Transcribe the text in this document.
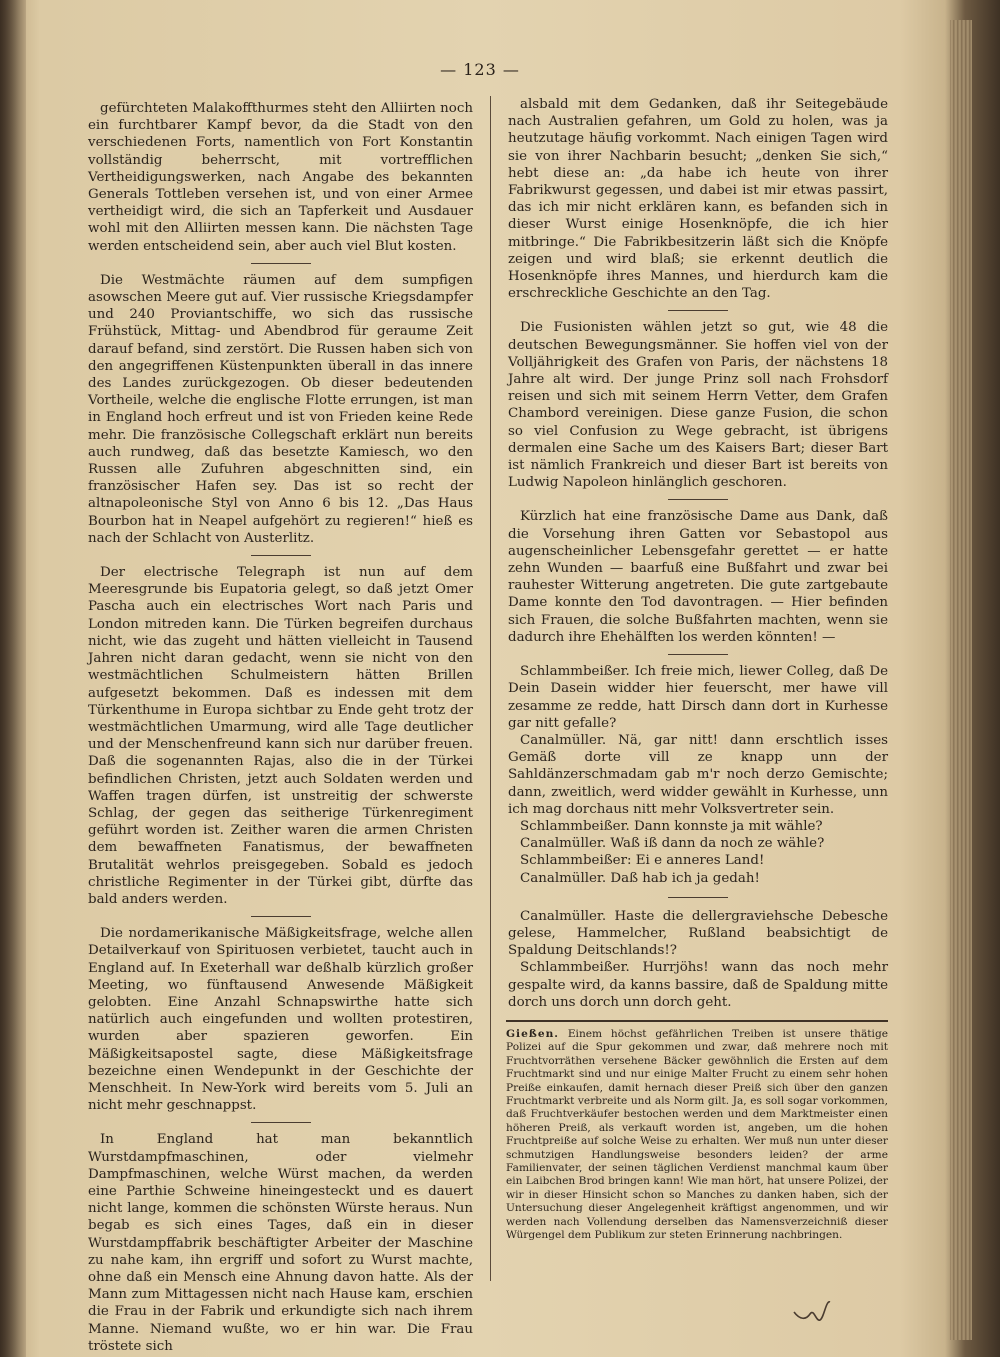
— 123 —

gefürchteten Malakoffthurmes steht den Alliirten noch ein furchtbarer Kampf bevor, da die Stadt von den verschiedenen Forts, namentlich von Fort Konstantin vollständig beherrscht, mit vortrefflichen Vertheidigungswerken, nach Angabe des bekannten Generals Tottleben versehen ist, und von einer Armee vertheidigt wird, die sich an Tapferkeit und Ausdauer wohl mit den Alliirten messen kann. Die nächsten Tage werden entscheidend sein, aber auch viel Blut kosten.

Die Westmächte räumen auf dem sumpfigen asowschen Meere gut auf. Vier russische Kriegsdampfer und 240 Proviantschiffe, wo sich das russische Frühstück, Mittag- und Abendbrod für geraume Zeit darauf befand, sind zerstört. Die Russen haben sich von den angegriffenen Küstenpunkten überall in das innere des Landes zurückgezogen. Ob dieser bedeutenden Vortheile, welche die englische Flotte errungen, ist man in England hoch erfreut und ist von Frieden keine Rede mehr. Die französische Collegschaft erklärt nun bereits auch rundweg, daß das besetzte Kamiesch, wo den Russen alle Zufuhren abgeschnitten sind, ein französischer Hafen sey. Das ist so recht der altnapoleonische Styl von Anno 6 bis 12. „Das Haus Bourbon hat in Neapel aufgehört zu regieren!“ hieß es nach der Schlacht von Austerlitz.

Der electrische Telegraph ist nun auf dem Meeresgrunde bis Eupatoria gelegt, so daß jetzt Omer Pascha auch ein electrisches Wort nach Paris und London mitreden kann. Die Türken begreifen durchaus nicht, wie das zugeht und hätten vielleicht in Tausend Jahren nicht daran gedacht, wenn sie nicht von den westmächtlichen Schulmeistern hätten Brillen aufgesetzt bekommen. Daß es indessen mit dem Türkenthume in Europa sichtbar zu Ende geht trotz der westmächtlichen Umarmung, wird alle Tage deutlicher und der Menschenfreund kann sich nur darüber freuen. Daß die sogenannten Rajas, also die in der Türkei befindlichen Christen, jetzt auch Soldaten werden und Waffen tragen dürfen, ist unstreitig der schwerste Schlag, der gegen das seitherige Türkenregiment geführt worden ist. Zeither waren die armen Christen dem bewaffneten Fanatismus, der bewaffneten Brutalität wehrlos preisgegeben. Sobald es jedoch christliche Regimenter in der Türkei gibt, dürfte das bald anders werden.

Die nordamerikanische Mäßigkeitsfrage, welche allen Detailverkauf von Spirituosen verbietet, taucht auch in England auf. In Exeterhall war deßhalb kürzlich großer Meeting, wo fünftausend Anwesende Mäßigkeit gelobten. Eine Anzahl Schnapswirthe hatte sich natürlich auch eingefunden und wollten protestiren, wurden aber spazieren geworfen. Ein Mäßigkeitsapostel sagte, diese Mäßigkeitsfrage bezeichne einen Wendepunkt in der Geschichte der Menschheit. In New-York wird bereits vom 5. Juli an nicht mehr geschnappst.

In England hat man bekanntlich Wurstdampfmaschinen, oder vielmehr Dampfmaschinen, welche Würst machen, da werden eine Parthie Schweine hineingesteckt und es dauert nicht lange, kommen die schönsten Würste heraus. Nun begab es sich eines Tages, daß ein in dieser Wurstdampffabrik beschäftigter Arbeiter der Maschine zu nahe kam, ihn ergriff und sofort zu Wurst machte, ohne daß ein Mensch eine Ahnung davon hatte. Als der Mann zum Mittagessen nicht nach Hause kam, erschien die Frau in der Fabrik und erkundigte sich nach ihrem Manne. Niemand wußte, wo er hin war. Die Frau tröstete sich

alsbald mit dem Gedanken, daß ihr Seitegebäude nach Australien gefahren, um Gold zu holen, was ja heutzutage häufig vorkommt. Nach einigen Tagen wird sie von ihrer Nachbarin besucht; „denken Sie sich,“ hebt diese an: „da habe ich heute von ihrer Fabrikwurst gegessen, und dabei ist mir etwas passirt, das ich mir nicht erklären kann, es befanden sich in dieser Wurst einige Hosenknöpfe, die ich hier mitbringe.“ Die Fabrikbesitzerin läßt sich die Knöpfe zeigen und wird blaß; sie erkennt deutlich die Hosenknöpfe ihres Mannes, und hierdurch kam die erschreckliche Geschichte an den Tag.

Die Fusionisten wählen jetzt so gut, wie 48 die deutschen Bewegungsmänner. Sie hoffen viel von der Volljährigkeit des Grafen von Paris, der nächstens 18 Jahre alt wird. Der junge Prinz soll nach Frohsdorf reisen und sich mit seinem Herrn Vetter, dem Grafen Chambord vereinigen. Diese ganze Fusion, die schon so viel Confusion zu Wege gebracht, ist übrigens dermalen eine Sache um des Kaisers Bart; dieser Bart ist nämlich Frankreich und dieser Bart ist bereits von Ludwig Napoleon hinlänglich geschoren.

Kürzlich hat eine französische Dame aus Dank, daß die Vorsehung ihren Gatten vor Sebastopol aus augenscheinlicher Lebensgefahr gerettet — er hatte zehn Wunden — baarfuß eine Bußfahrt und zwar bei rauhester Witterung angetreten. Die gute zartgebaute Dame konnte den Tod davontragen. — Hier befinden sich Frauen, die solche Bußfahrten machten, wenn sie dadurch ihre Ehehälften los werden könnten! —

Schlammbeißer. Ich freie mich, liewer Colleg, daß De Dein Dasein widder hier feuerscht, mer hawe vill zesamme ze redde, hatt Dirsch dann dort in Kurhesse gar nitt gefalle?

Canalmüller. Nä, gar nitt! dann erschtlich isses Gemäß dorte vill ze knapp unn der Sahldänzerschmadam gab m'r noch derzo Gemischte; dann, zweitlich, werd widder gewählt in Kurhesse, unn ich mag dorchaus nitt mehr Volksvertreter sein.

Schlammbeißer. Dann konnste ja mit wähle?

Canalmüller. Waß iß dann da noch ze wähle?

Schlammbeißer: Ei e anneres Land!

Canalmüller. Daß hab ich ja gedah!

Canalmüller. Haste die dellergraviehsche Debesche gelese, Hammelcher, Rußland beabsichtigt de Spaldung Deitschlands!?

Schlammbeißer. Hurrjöhs! wann das noch mehr gespalte wird, da kanns bassire, daß de Spaldung mitte dorch uns dorch unn dorch geht.

Gießen. Einem höchst gefährlichen Treiben ist unsere thätige Polizei auf die Spur gekommen und zwar, daß mehrere noch mit Fruchtvorräthen versehene Bäcker gewöhnlich die Ersten auf dem Fruchtmarkt sind und nur einige Malter Frucht zu einem sehr hohen Preiße einkaufen, damit hernach dieser Preiß sich über den ganzen Fruchtmarkt verbreite und als Norm gilt. Ja, es soll sogar vorkommen, daß Fruchtverkäufer bestochen werden und dem Marktmeister einen höheren Preiß, als verkauft worden ist, angeben, um die hohen Fruchtpreiße auf solche Weise zu erhalten. Wer muß nun unter dieser schmutzigen Handlungsweise besonders leiden? der arme Familienvater, der seinen täglichen Verdienst manchmal kaum über ein Laibchen Brod bringen kann! Wie man hört, hat unsere Polizei, der wir in dieser Hinsicht schon so Manches zu danken haben, sich der Untersuchung dieser Angelegenheit kräftigst angenommen, und wir werden nach Vollendung derselben das Namensverzeichniß dieser Würgengel dem Publikum zur steten Erinnerung nachbringen.
